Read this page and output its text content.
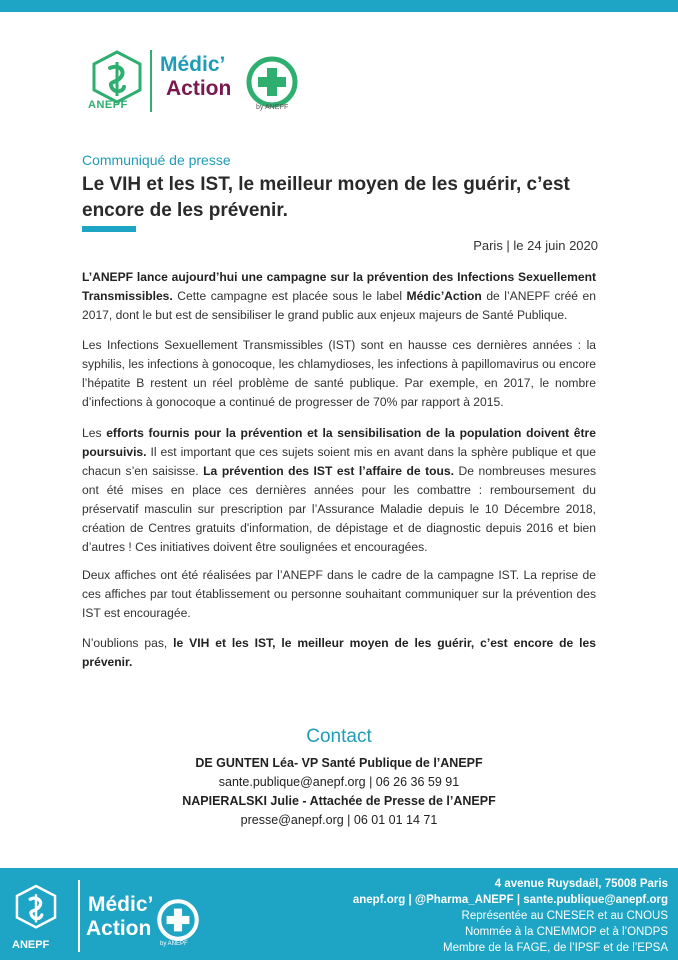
ANEPF
Médic’
Action
by ANEPF
Communiqué de presse
Le VIH et les IST, le meilleur moyen de les guérir, c’est
encore de les prévenir.
Paris | le 24 juin 2020

L’ANEPF lance aujourd’hui une campagne sur la prévention des Infections Sexuellement Transmissibles. Cette campagne est placée sous le label Médic’Action de l’ANEPF créé en 2017, dont le but est de sensibiliser le grand public aux enjeux majeurs de Santé Publique.

Les Infections Sexuellement Transmissibles (IST) sont en hausse ces dernières années : la syphilis, les infections à gonocoque, les chlamydioses, les infections à papillomavirus ou encore l’hépatite B restent un réel problème de santé publique. Par exemple, en 2017, le nombre d’infections à gonocoque a continué de progresser de 70% par rapport à 2015.

Les efforts fournis pour la prévention et la sensibilisation de la population doivent être poursuivis. Il est important que ces sujets soient mis en avant dans la sphère publique et que chacun s’en saisisse. La prévention des IST est l’affaire de tous. De nombreuses mesures ont été mises en place ces dernières années pour les combattre : remboursement du préservatif masculin sur prescription par l’Assurance Maladie depuis le 10 Décembre 2018, création de Centres gratuits d'information, de dépistage et de diagnostic depuis 2016 et bien d’autres ! Ces initiatives doivent être soulignées et encouragées.

Deux affiches ont été réalisées par l’ANEPF dans le cadre de la campagne IST. La reprise de ces affiches par tout établissement ou personne souhaitant communiquer sur la prévention des IST est encouragée.

N’oublions pas, le VIH et les IST, le meilleur moyen de les guérir, c’est encore de les prévenir.

Contact
DE GUNTEN Léa- VP Santé Publique de l’ANEPF
sante.publique@anepf.org | 06 26 36 59 91
NAPIERALSKI Julie - Attachée de Presse de l’ANEPF
presse@anepf.org | 06 01 01 14 71
ANEPF
Médic’
Action
by ANEPF
4 avenue Ruysdaël, 75008 Paris
anepf.org | @Pharma_ANEPF | sante.publique@anepf.org
Représentée au CNESER et au CNOUS
Nommée à la CNEMMOP et à l’ONDPS
Membre de la FAGE, de l’IPSF et de l’EPSA
